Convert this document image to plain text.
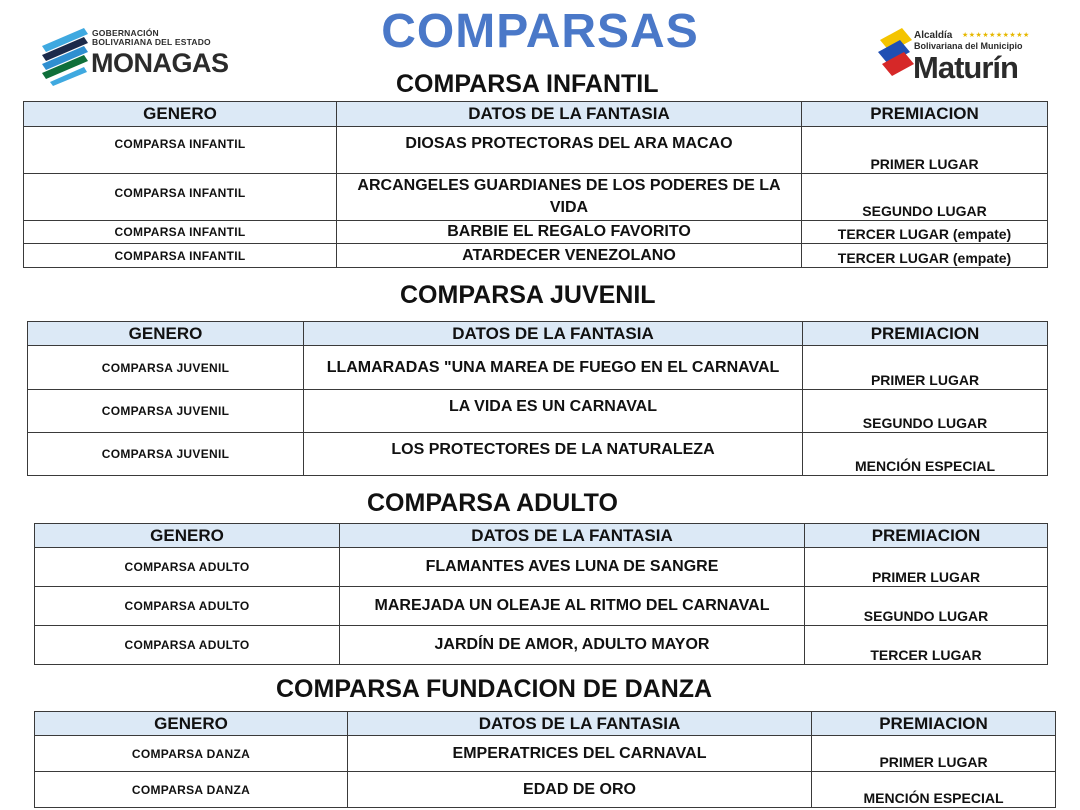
GOBERNACIÓN
BOLIVARIANA DEL ESTADO
MONAGAS
COMPARSAS	Alcaldía ★★★★★★★★★★
Bolivariana del Municipio
Maturín
COMPARSA INFANTIL
GENERO	DATOS DE LA FANTASIA	PREMIACION
COMPARSA INFANTIL	DIOSAS PROTECTORAS DEL ARA MACAO	PRIMER LUGAR
COMPARSA INFANTIL	ARCANGELES GUARDIANES DE LOS PODERES DE LA VIDA	SEGUNDO LUGAR
COMPARSA INFANTIL	BARBIE EL REGALO FAVORITO	TERCER LUGAR (empate)
COMPARSA INFANTIL	ATARDECER VENEZOLANO	TERCER LUGAR (empate)
COMPARSA JUVENIL
GENERO	DATOS DE LA FANTASIA	PREMIACION
COMPARSA JUVENIL	LLAMARADAS "UNA MAREA DE FUEGO EN EL CARNAVAL	PRIMER LUGAR
COMPARSA JUVENIL	LA VIDA ES UN CARNAVAL	SEGUNDO LUGAR
COMPARSA JUVENIL	LOS PROTECTORES DE LA NATURALEZA	MENCIÓN ESPECIAL
COMPARSA ADULTO
GENERO	DATOS DE LA FANTASIA	PREMIACION
COMPARSA ADULTO	FLAMANTES AVES LUNA DE SANGRE	PRIMER LUGAR
COMPARSA ADULTO	MAREJADA UN OLEAJE AL RITMO DEL CARNAVAL	SEGUNDO LUGAR
COMPARSA ADULTO	JARDÍN DE AMOR, ADULTO MAYOR	TERCER LUGAR
COMPARSA FUNDACION DE DANZA
GENERO	DATOS DE LA FANTASIA	PREMIACION
COMPARSA DANZA	EMPERATRICES DEL CARNAVAL	PRIMER LUGAR
COMPARSA DANZA	EDAD DE ORO	MENCIÓN ESPECIAL
